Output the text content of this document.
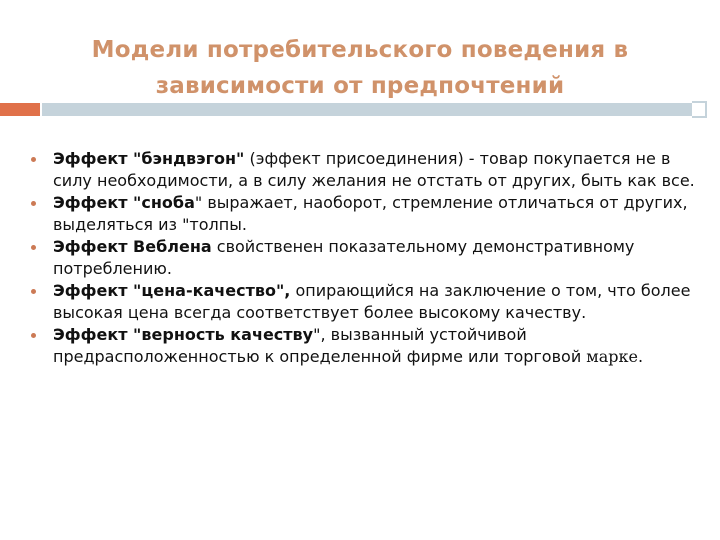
Модели потребительского поведения в
зависимости от предпочтений
Эффект "бэндвэгон" (эффект присоединения) - товар покупается не в силу необходимости, а в силу желания не отстать от других, быть как все.
Эффект "сноба" выражает, наоборот, стремление отличаться от других, выделяться из "толпы.
Эффект Веблена свойственен показательному демонстративному потреблению.
Эффект "цена-качество", опирающийся на заключение о том, что более высокая цена всегда соответствует более высокому качеству.
Эффект "верность качеству", вызванный устойчивой предрасположенностью к определенной фирме или торговой марке.
